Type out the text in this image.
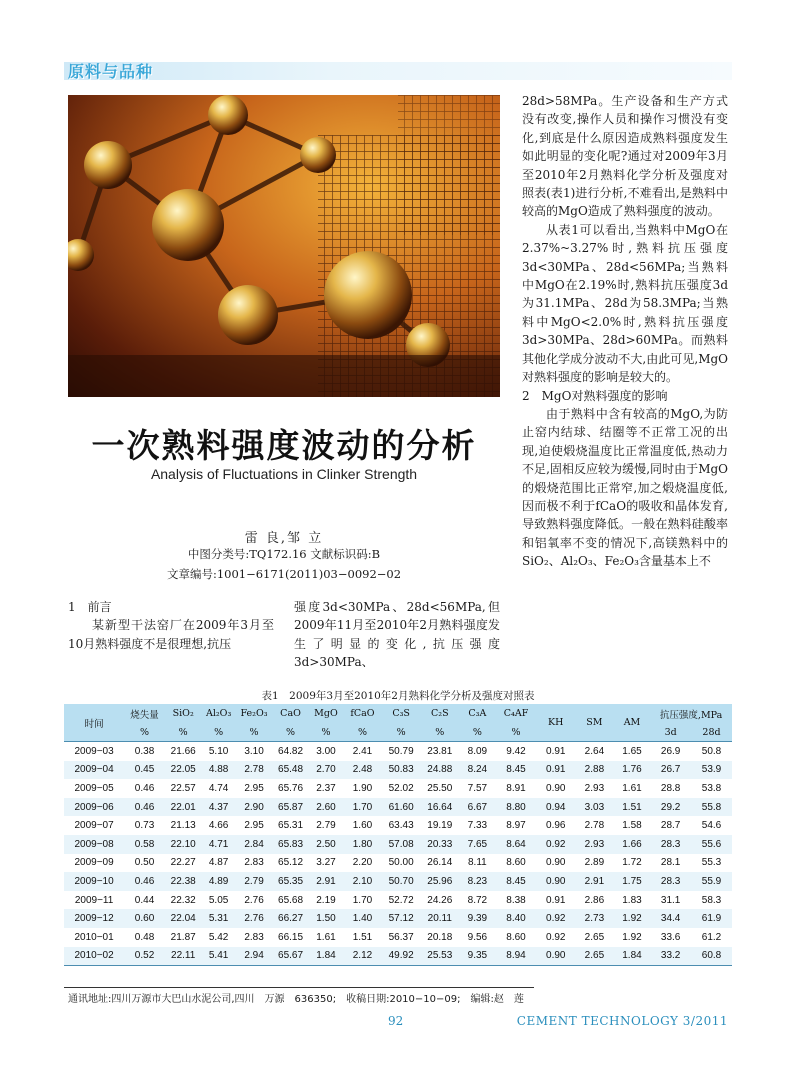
原料与品种
一次熟料强度波动的分析
Analysis of Fluctuations in Clinker Strength
雷 良,邹 立
中图分类号:TQ172.16 文献标识码:B
文章编号:1001−6171(2011)03−0092−02
1　前言

某新型干法窑厂在2009年3月至10月熟料强度不是很理想,抗压

强度3d<30MPa、28d<56MPa,但2009年11月至2010年2月熟料强度发生了明显的变化,抗压强度3d>30MPa、

28d>58MPa。生产设备和生产方式没有改变,操作人员和操作习惯没有变化,到底是什么原因造成熟料强度发生如此明显的变化呢?通过对2009年3月至2010年2月熟料化学分析及强度对照表(表1)进行分析,不难看出,是熟料中较高的MgO造成了熟料强度的波动。

从表1可以看出,当熟料中MgO在2.37%~3.27%时,熟料抗压强度3d<30MPa、28d<56MPa;当熟料中MgO在2.19%时,熟料抗压强度3d为31.1MPa、28d为58.3MPa;当熟料中MgO<2.0%时,熟料抗压强度3d>30MPa、28d>60MPa。而熟料其他化学成分波动不大,由此可见,MgO对熟料强度的影响是较大的。

2　MgO对熟料强度的影响

由于熟料中含有较高的MgO,为防止窑内结球、结圈等不正常工况的出现,迫使煅烧温度比正常温度低,热动力不足,固相反应较为缓慢,同时由于MgO的煅烧范围比正常窄,加之煅烧温度低,因而极不利于fCaO的吸收和晶体发育,导致熟料强度降低。一般在熟料硅酸率和铝氧率不变的情况下,高镁熟料中的SiO₂、Al₂O₃、Fe₂O₃含量基本上不

表1　2009年3月至2010年2月熟料化学分析及强度对照表
时间	烧失量	SiO₂	Al₂O₃	Fe₂O₃	CaO	MgO	fCaO	C₃S	C₂S	C₃A	C₄AF	KH	SM	AM	抗压强度,MPa	
	%	%	%	%	%	%	%	%	%	%	%				3d	28d
2009−03	0.38	21.66	5.10	3.10	64.82	3.00	2.41	50.79	23.81	8.09	9.42	0.91	2.64	1.65	26.9	50.8
2009−04	0.45	22.05	4.88	2.78	65.48	2.70	2.48	50.83	24.88	8.24	8.45	0.91	2.88	1.76	26.7	53.9
2009−05	0.46	22.57	4.74	2.95	65.76	2.37	1.90	52.02	25.50	7.57	8.91	0.90	2.93	1.61	28.8	53.8
2009−06	0.46	22.01	4.37	2.90	65.87	2.60	1.70	61.60	16.64	6.67	8.80	0.94	3.03	1.51	29.2	55.8
2009−07	0.73	21.13	4.66	2.95	65.31	2.79	1.60	63.43	19.19	7.33	8.97	0.96	2.78	1.58	28.7	54.6
2009−08	0.58	22.10	4.71	2.84	65.83	2.50	1.80	57.08	20.33	7.65	8.64	0.92	2.93	1.66	28.3	55.6
2009−09	0.50	22.27	4.87	2.83	65.12	3.27	2.20	50.00	26.14	8.11	8.60	0.90	2.89	1.72	28.1	55.3
2009−10	0.46	22.38	4.89	2.79	65.35	2.91	2.10	50.70	25.96	8.23	8.45	0.90	2.91	1.75	28.3	55.9
2009−11	0.44	22.32	5.05	2.76	65.68	2.19	1.70	52.72	24.26	8.72	8.38	0.91	2.86	1.83	31.1	58.3
2009−12	0.60	22.04	5.31	2.76	66.27	1.50	1.40	57.12	20.11	9.39	8.40	0.92	2.73	1.92	34.4	61.9
2010−01	0.48	21.87	5.42	2.83	66.15	1.61	1.51	56.37	20.18	9.56	8.60	0.92	2.65	1.92	33.6	61.2
2010−02	0.52	22.11	5.41	2.94	65.67	1.84	2.12	49.92	25.53	9.35	8.94	0.90	2.65	1.84	33.2	60.8
通讯地址:四川万源市大巴山水泥公司,四川　万源　636350;　收稿日期:2010−10−09;　编辑:赵　莲
92	CEMENT TECHNOLOGY 3/2011
